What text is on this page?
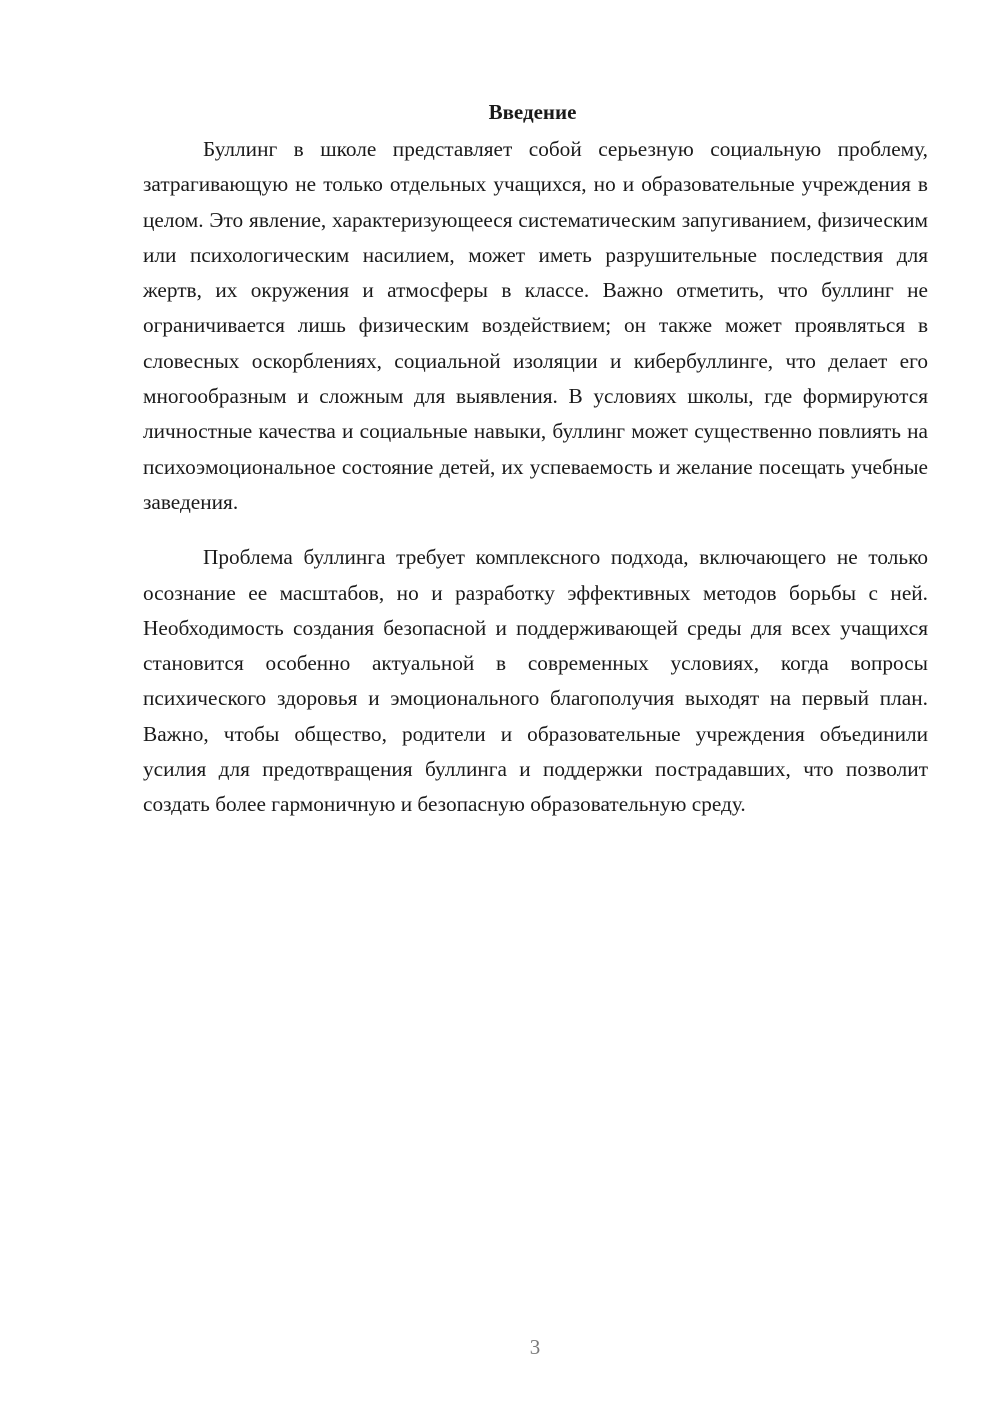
Введение

Буллинг в школе представляет собой серьезную социальную проблему, затрагивающую не только отдельных учащихся, но и образовательные учреждения в целом. Это явление, характеризующееся систематическим запугиванием, физическим или психологическим насилием, может иметь разрушительные последствия для жертв, их окружения и атмосферы в классе. Важно отметить, что буллинг не ограничивается лишь физическим воздействием; он также может проявляться в словесных оскорблениях, социальной изоляции и кибербуллинге, что делает его многообразным и сложным для выявления. В условиях школы, где формируются личностные качества и социальные навыки, буллинг может существенно повлиять на психоэмоциональное состояние детей, их успеваемость и желание посещать учебные заведения.

Проблема буллинга требует комплексного подхода, включающего не только осознание ее масштабов, но и разработку эффективных методов борьбы с ней. Необходимость создания безопасной и поддерживающей среды для всех учащихся становится особенно актуальной в современных условиях, когда вопросы психического здоровья и эмоционального благополучия выходят на первый план. Важно, чтобы общество, родители и образовательные учреждения объединили усилия для предотвращения буллинга и поддержки пострадавших, что позволит создать более гармоничную и безопасную образовательную среду.

3
